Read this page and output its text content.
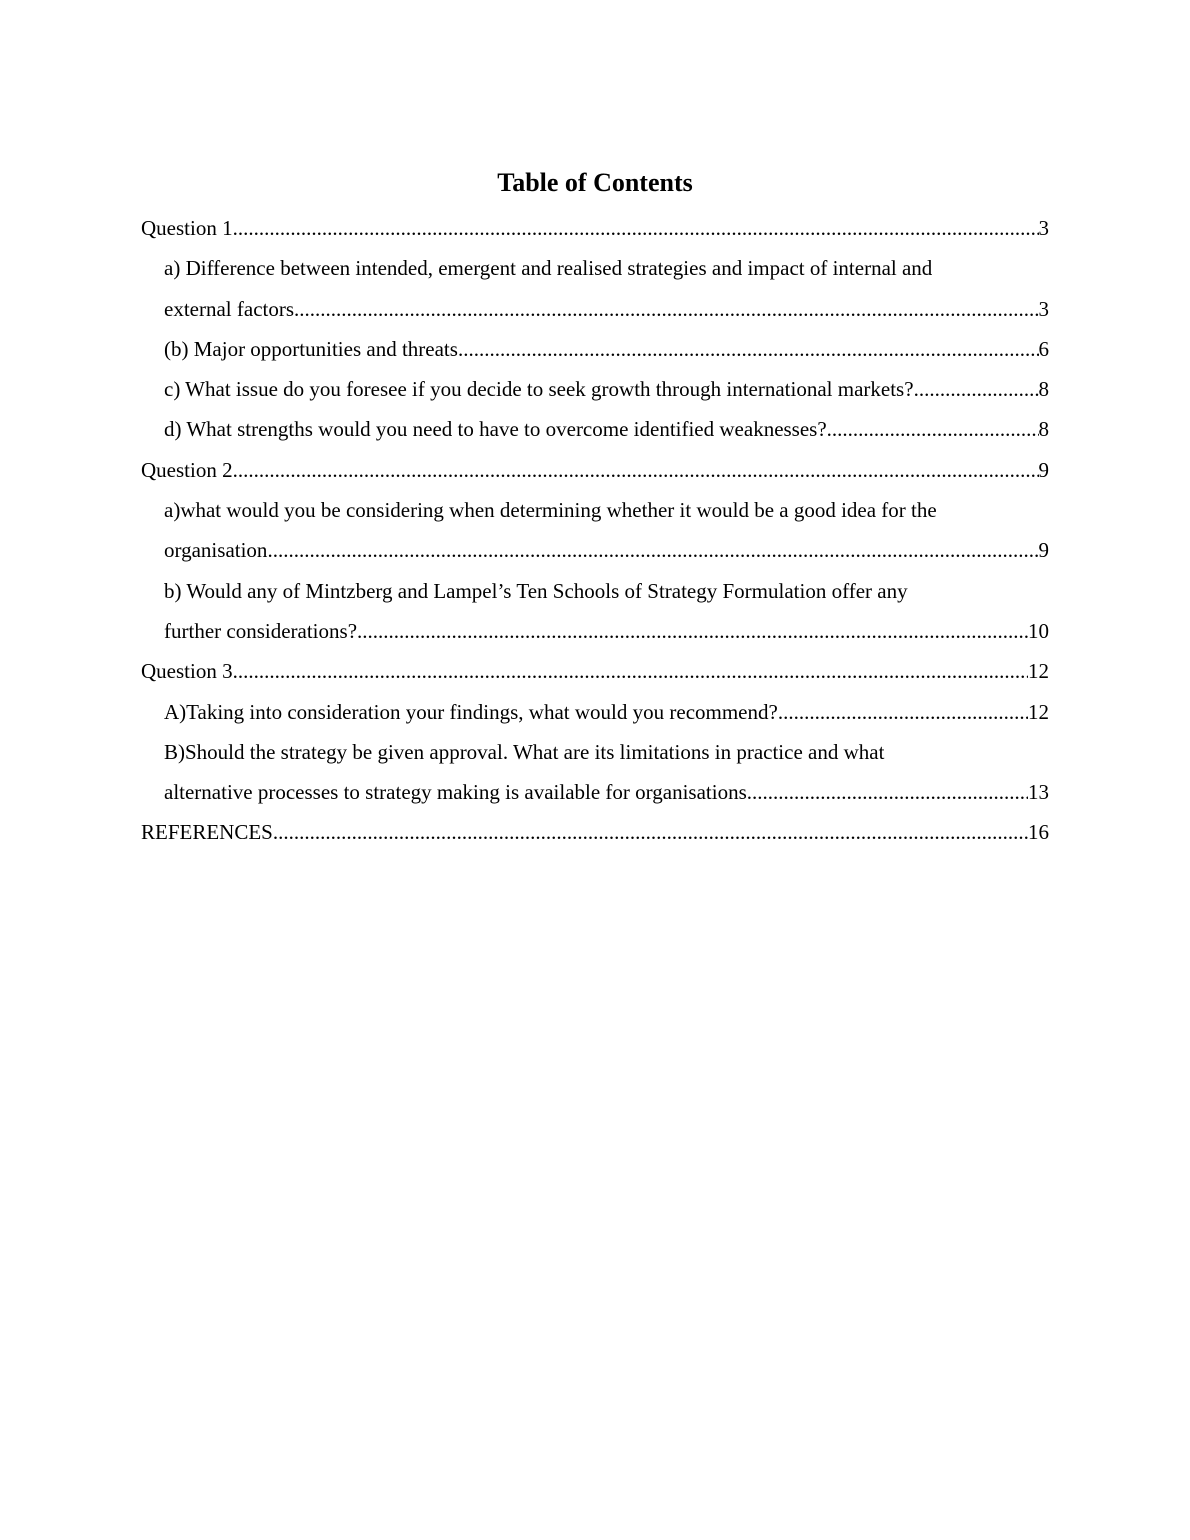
Table of Contents
Question 1 .....	3
a) Difference between intended, emergent and realised strategies and impact of internal and
external factors .....	3
(b) Major opportunities and threats .....	6
c) What issue do you foresee if you decide to seek growth through international markets? .....	8
d) What strengths would you need to have to overcome identified weaknesses? .....	8
Question 2 .....	9
a)what would you be considering when determining whether it would be a good idea for the
organisation .....	9
b) Would any of Mintzberg and Lampel’s Ten Schools of Strategy Formulation offer any
further considerations? .....	10
Question 3 .....	12
A)Taking into consideration your findings, what would you recommend? .....	12
B)Should the strategy be given approval. What are its limitations in practice and what
alternative processes to strategy making is available for organisations .....	13
REFERENCES .....	16
